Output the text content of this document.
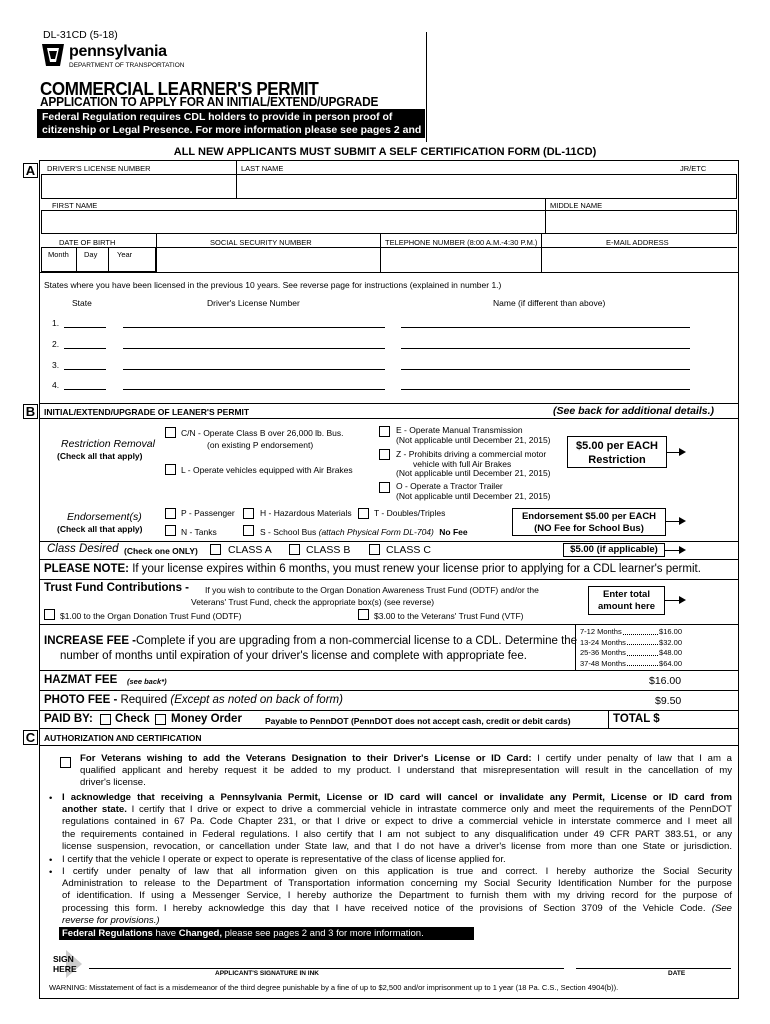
DL-31CD (5-18)
pennsylvania
DEPARTMENT OF TRANSPORTATION
COMMERCIAL LEARNER'S PERMIT
APPLICATION TO APPLY FOR AN INITIAL/EXTEND/UPGRADE
Federal Regulation requires CDL holders to provide in person proof of
citizenship or Legal Presence. For more information please see pages 2 and 3.
ALL NEW APPLICANTS MUST SUBMIT A SELF CERTIFICATION FORM (DL-11CD)
A	DRIVER'S LICENSE NUMBER	LAST NAME	JR/ETC
FIRST NAME	MIDDLE NAME
DATE OF BIRTH	SOCIAL SECURITY NUMBER	TELEPHONE NUMBER (8:00 A.M.-4:30 P.M.)	E-MAIL ADDRESS
Month Day	Year
States where you have been licensed in the previous 10 years. See reverse page for instructions (explained in number 1.)
State	Driver's License Number	Name (if different than above)
1.
2.
3.
4.
B	INITIAL/EXTEND/UPGRADE OF LEANER'S PERMIT	(See back for additional details.)
Restriction Removal
(Check all that apply)
C/N - Operate Class B over 26,000 lb. Bus.
(on existing P endorsement)
L - Operate vehicles equipped with Air Brakes
E - Operate Manual Transmission
(Not applicable until December 21, 2015)
Z - Prohibits driving a commercial motor
vehicle with full Air Brakes
(Not applicable until December 21, 2015)
O - Operate a Tractor Trailer
(Not applicable until December 21, 2015)
$5.00 per EACH
Restriction
Endorsement(s)
(Check all that apply)
P - Passenger	H - Hazardous Materials	T - Doubles/Triples
N - Tanks	S - School Bus (attach Physical Form DL-704) No Fee
Endorsement $5.00 per EACH
(NO Fee for School Bus)
Class Desired (Check one ONLY)	CLASS A	CLASS B	CLASS C	$5.00 (if applicable)
PLEASE NOTE: If your license expires within 6 months, you must renew your license prior to applying for a CDL learner's permit.
Trust Fund Contributions - If you wish to contribute to the Organ Donation Awareness Trust Fund (ODTF) and/or the
Veterans' Trust Fund, check the appropriate box(s) (see reverse)
$1.00 to the Organ Donation Trust Fund (ODTF)	$3.00 to the Veterans' Trust Fund (VTF)
Enter total
amount here
INCREASE FEE -Complete if you are upgrading from a non-commercial license to a CDL. Determine the
number of months until expiration of your driver's license and complete with appropriate fee.
7-12 Months	$16.00
13-24 Months	$32.00
25-36 Months	$48.00
37-48 Months	$64.00
HAZMAT FEE (see back*)	$16.00
PHOTO FEE - Required (Except as noted on back of form)	$9.50
PAID BY: Check Money Order	Payable to PennDOT (PennDOT does not accept cash, credit or debit cards)	TOTAL $
C	AUTHORIZATION AND CERTIFICATION
For Veterans wishing to add the Veterans Designation to their Driver's License or ID Card: I certify under penalty of law that I am a
qualified applicant and hereby request it be added to my product. I understand that misrepresentation will result in the cancellation of my
driver's license.
• I acknowledge that receiving a Pennsylvania Permit, License or ID card will cancel or invalidate any Permit, License or ID card from
another state. I certify that I drive or expect to drive a commercial vehicle in intrastate commerce only and meet the requirements of the PennDOT
regulations contained in 67 Pa. Code Chapter 231, or that I drive or expect to drive a commercial vehicle in interstate commerce and I meet all
the requirements contained in Federal regulations. I also certify that I am not subject to any disqualification under 49 CFR PART 383.51, or any
license suspension, revocation, or cancellation under State law, and that I do not have a driver's license from more than one State or jurisdiction.
• I certify that the vehicle I operate or expect to operate is representative of the class of license applied for.
• I certify under penalty of law that all information given on this application is true and correct. I hereby authorize the Social Security
Administration to release to the Department of Transportation information concerning my Social Security Identification Number for the purpose
of identification. If using a Messenger Service, I hereby authorize the Department to furnish them with my driving record for the purpose of
processing this form. I hereby acknowledge this day that I have received notice of the provisions of Section 3709 of the Vehicle Code. (See
reverse for provisions.)
Federal Regulations have Changed, please see pages 2 and 3 for more information.
SIGN
HERE	APPLICANT'S SIGNATURE IN INK	DATE
WARNING: Misstatement of fact is a misdemeanor of the third degree punishable by a fine of up to $2,500 and/or imprisonment up to 1 year (18 Pa. C.S., Section 4904(b)).
